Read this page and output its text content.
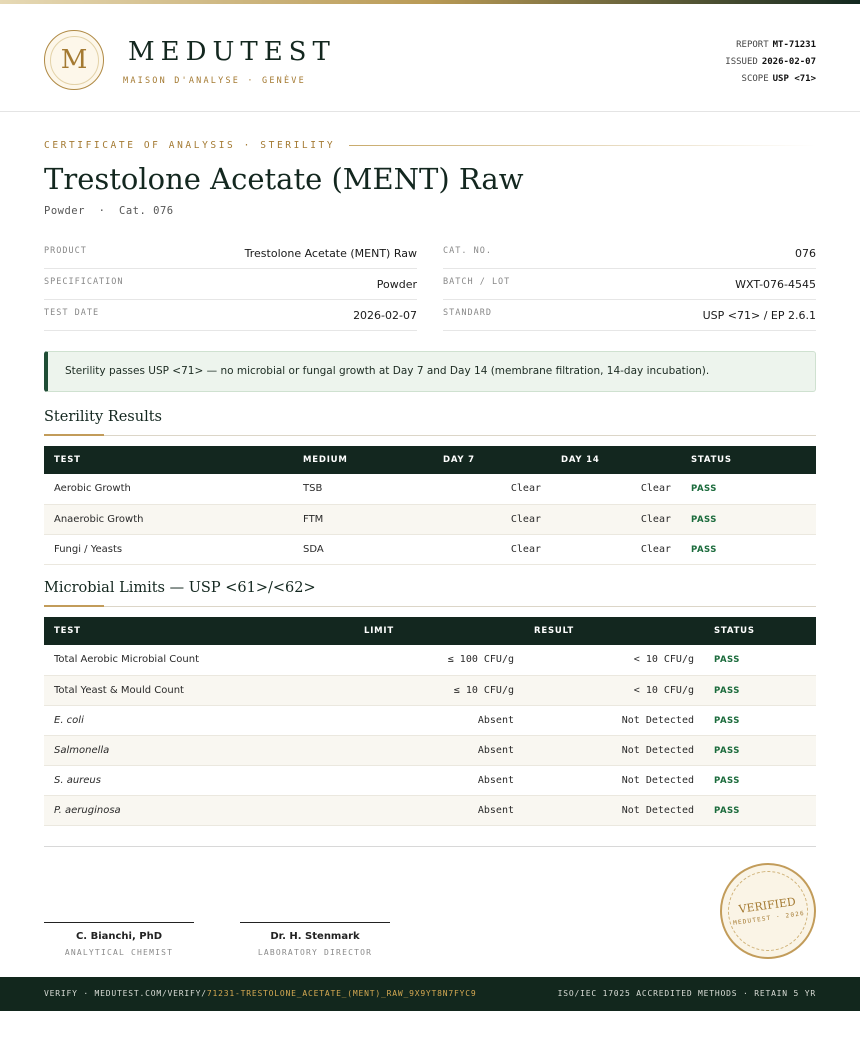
M MEDUTEST
MAISON D'ANALYSE · GENÈVE
REPORT MT-71231
ISSUED 2026-02-07
SCOPE USP <71>
CERTIFICATE OF ANALYSIS · STERILITY
Trestolone Acetate (MENT) Raw
Powder  ·  Cat. 076
PRODUCT	Trestolone Acetate (MENT) Raw
SPECIFICATION	Powder
TEST DATE	2026-02-07
CAT. NO.	076
BATCH / LOT	WXT-076-4545
STANDARD	USP <71> / EP 2.6.1
Sterility passes USP <71> — no microbial or fungal growth at Day 7 and Day 14 (membrane filtration, 14-day incubation).
Sterility Results
TEST	MEDIUM	DAY 7	DAY 14	STATUS
Aerobic Growth	TSB	Clear	Clear	PASS
Anaerobic Growth	FTM	Clear	Clear	PASS
Fungi / Yeasts	SDA	Clear	Clear	PASS
Microbial Limits — USP <61>/<62>
TEST	LIMIT	RESULT	STATUS
Total Aerobic Microbial Count	≤ 100 CFU/g	< 10 CFU/g	PASS
Total Yeast & Mould Count	≤ 10 CFU/g	< 10 CFU/g	PASS
E. coli	Absent	Not Detected	PASS
Salmonella	Absent	Not Detected	PASS
S. aureus	Absent	Not Detected	PASS
P. aeruginosa	Absent	Not Detected	PASS
C. Bianchi, PhD
ANALYTICAL CHEMIST
Dr. H. Stenmark
LABORATORY DIRECTOR
VERIFIED
MEDUTEST · 2026
VERIFY · MEDUTEST.COM/VERIFY/71231-TRESTOLONE_ACETATE_(MENT)_RAW_9X9YT8N7FYC9	ISO/IEC 17025 ACCREDITED METHODS · RETAIN 5 YR
